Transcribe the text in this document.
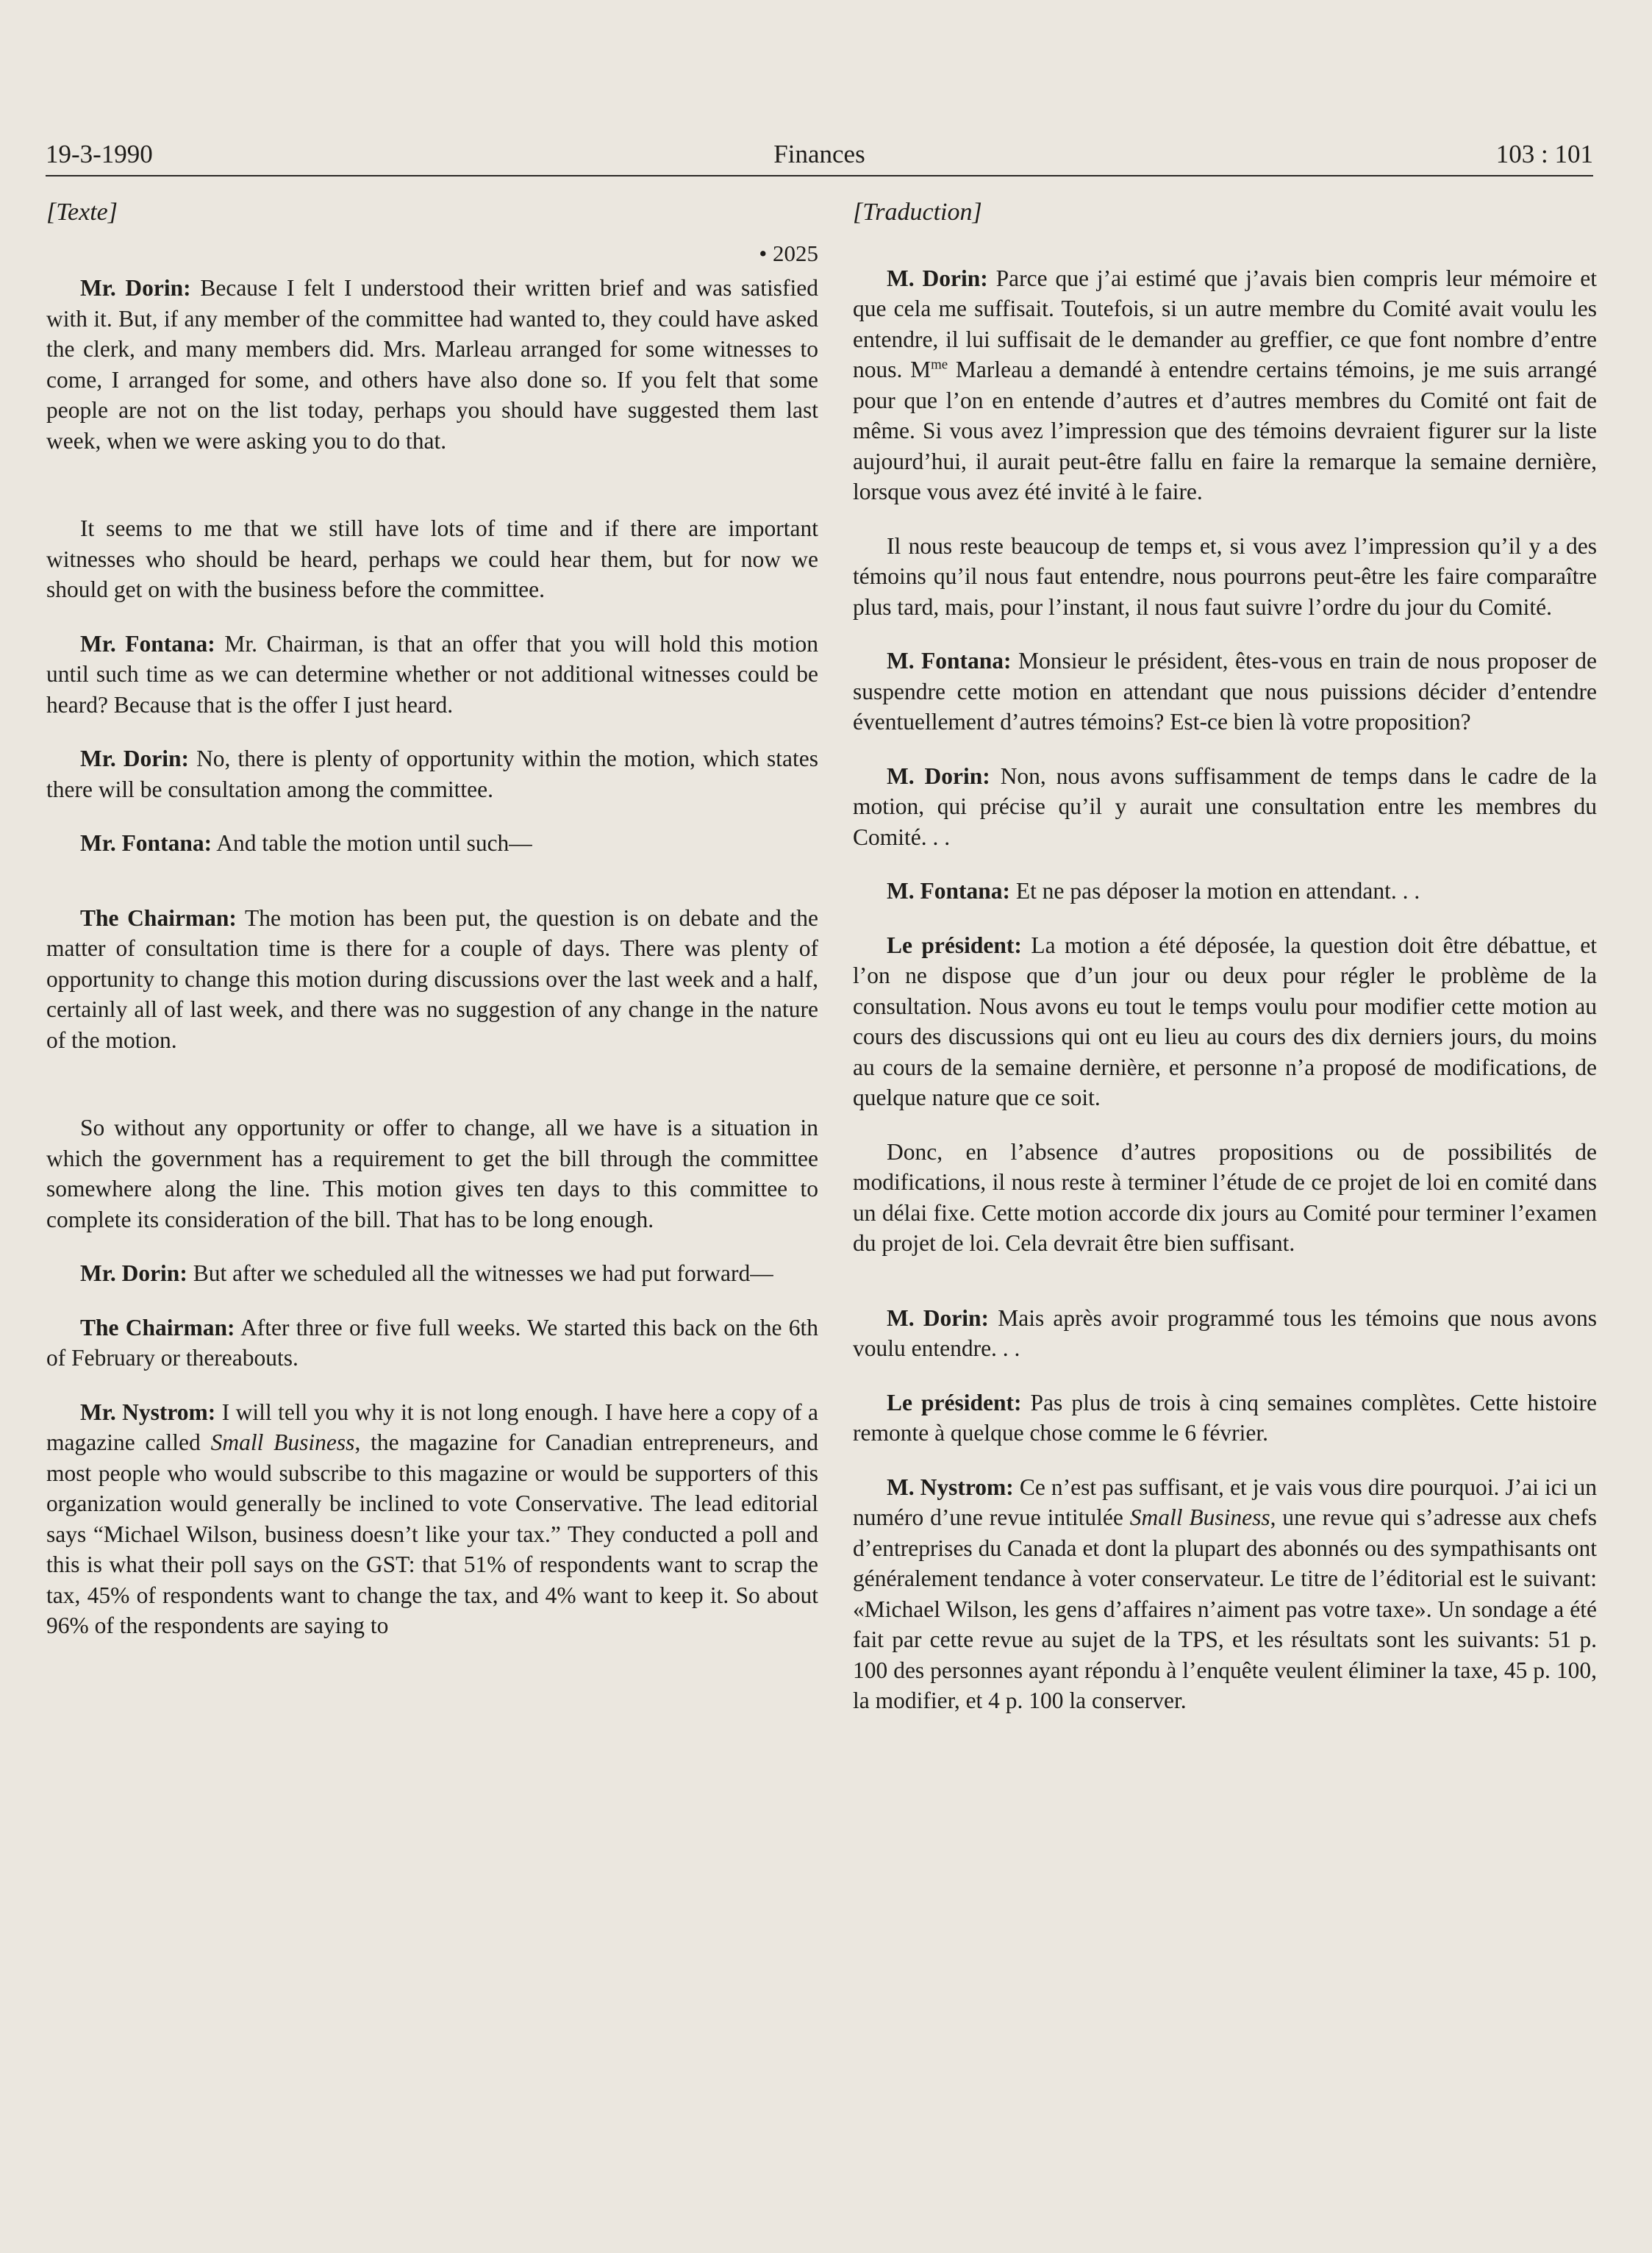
19-3-1990	Finances	103 : 101
[Texte]
• 2025

Mr. Dorin: Because I felt I understood their written brief and was satisfied with it. But, if any member of the committee had wanted to, they could have asked the clerk, and many members did. Mrs. Marleau arranged for some witnesses to come, I arranged for some, and others have also done so. If you felt that some people are not on the list today, perhaps you should have suggested them last week, when we were asking you to do that.

It seems to me that we still have lots of time and if there are important witnesses who should be heard, perhaps we could hear them, but for now we should get on with the business before the committee.

Mr. Fontana: Mr. Chairman, is that an offer that you will hold this motion until such time as we can determine whether or not additional witnesses could be heard? Because that is the offer I just heard.

Mr. Dorin: No, there is plenty of opportunity within the motion, which states there will be consultation among the committee.

Mr. Fontana: And table the motion until such—

The Chairman: The motion has been put, the question is on debate and the matter of consultation time is there for a couple of days. There was plenty of opportunity to change this motion during discussions over the last week and a half, certainly all of last week, and there was no suggestion of any change in the nature of the motion.

So without any opportunity or offer to change, all we have is a situation in which the government has a requirement to get the bill through the committee somewhere along the line. This motion gives ten days to this committee to complete its consideration of the bill. That has to be long enough.

Mr. Dorin: But after we scheduled all the witnesses we had put forward—

The Chairman: After three or five full weeks. We started this back on the 6th of February or thereabouts.

Mr. Nystrom: I will tell you why it is not long enough. I have here a copy of a magazine called Small Business, the magazine for Canadian entrepreneurs, and most people who would subscribe to this magazine or would be supporters of this organization would generally be inclined to vote Conservative. The lead editorial says “Michael Wilson, business doesn’t like your tax.” They conducted a poll and this is what their poll says on the GST: that 51% of respondents want to scrap the tax, 45% of respondents want to change the tax, and 4% want to keep it. So about 96% of the respondents are saying to

[Traduction]

M. Dorin: Parce que j’ai estimé que j’avais bien compris leur mémoire et que cela me suffisait. Toutefois, si un autre membre du Comité avait voulu les entendre, il lui suffisait de le demander au greffier, ce que font nombre d’entre nous. $M^{me}$ Marleau a demandé à entendre certains témoins, je me suis arrangé pour que l’on en entende d’autres et d’autres membres du Comité ont fait de même. Si vous avez l’impression que des témoins devraient figurer sur la liste aujourd’hui, il aurait peut-être fallu en faire la remarque la semaine dernière, lorsque vous avez été invité à le faire.

Il nous reste beaucoup de temps et, si vous avez l’impression qu’il y a des témoins qu’il nous faut entendre, nous pourrons peut-être les faire comparaître plus tard, mais, pour l’instant, il nous faut suivre l’ordre du jour du Comité.

M. Fontana: Monsieur le président, êtes-vous en train de nous proposer de suspendre cette motion en attendant que nous puissions décider d’entendre éventuellement d’autres témoins? Est-ce bien là votre proposition?

M. Dorin: Non, nous avons suffisamment de temps dans le cadre de la motion, qui précise qu’il y aurait une consultation entre les membres du Comité. . .

M. Fontana: Et ne pas déposer la motion en attendant. . .

Le président: La motion a été déposée, la question doit être débattue, et l’on ne dispose que d’un jour ou deux pour régler le problème de la consultation. Nous avons eu tout le temps voulu pour modifier cette motion au cours des discussions qui ont eu lieu au cours des dix derniers jours, du moins au cours de la semaine dernière, et personne n’a proposé de modifications, de quelque nature que ce soit.

Donc, en l’absence d’autres propositions ou de possibilités de modifications, il nous reste à terminer l’étude de ce projet de loi en comité dans un délai fixe. Cette motion accorde dix jours au Comité pour terminer l’examen du projet de loi. Cela devrait être bien suffisant.

M. Dorin: Mais après avoir programmé tous les témoins que nous avons voulu entendre. . .

Le président: Pas plus de trois à cinq semaines complètes. Cette histoire remonte à quelque chose comme le 6 février.

M. Nystrom: Ce n’est pas suffisant, et je vais vous dire pourquoi. J’ai ici un numéro d’une revue intitulée Small Business, une revue qui s’adresse aux chefs d’entreprises du Canada et dont la plupart des abonnés ou des sympathisants ont généralement tendance à voter conservateur. Le titre de l’éditorial est le suivant: «Michael Wilson, les gens d’affaires n’aiment pas votre taxe». Un sondage a été fait par cette revue au sujet de la TPS, et les résultats sont les suivants: 51 p. 100 des personnes ayant répondu à l’enquête veulent éliminer la taxe, 45 p. 100, la modifier, et 4 p. 100 la conserver.
